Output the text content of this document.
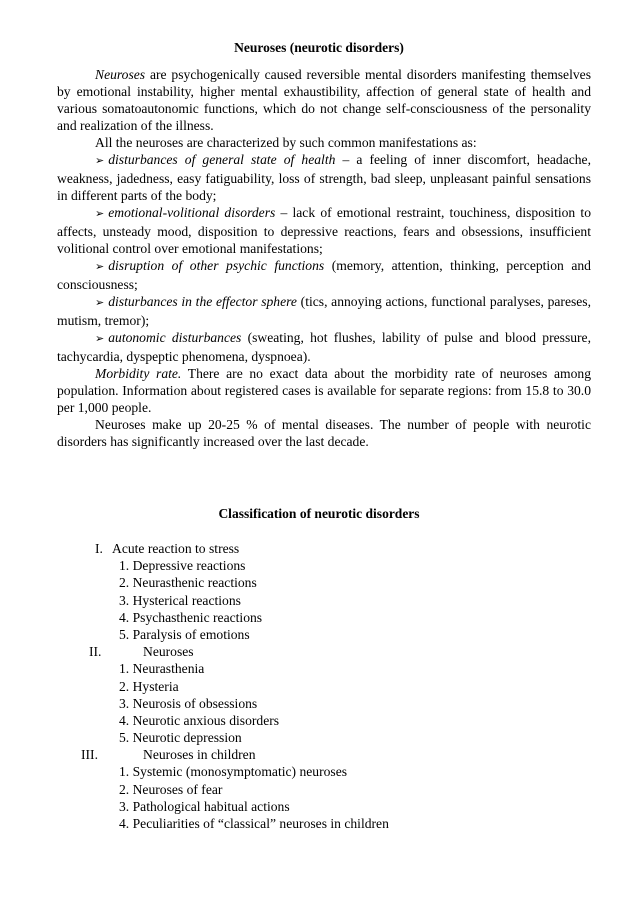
Neuroses (neurotic disorders)

Neuroses are psychogenically caused reversible mental disorders manifesting themselves by emotional instability, higher mental exhaustibility, affection of general state of health and various somatoautonomic functions, which do not change self-consciousness of the personality and realization of the illness.

All the neuroses are characterized by such common manifestations as:

➢ disturbances of general state of health – a feeling of inner discomfort, headache, weakness, jadedness, easy fatiguability, loss of strength, bad sleep, unpleasant painful sensations in different parts of the body;

➢ emotional-volitional disorders – lack of emotional restraint, touchiness, disposition to affects, unsteady mood, disposition to depressive reactions, fears and obsessions, insufficient volitional control over emotional manifestations;

➢ disruption of other psychic functions (memory, attention, thinking, perception and consciousness;

➢ disturbances in the effector sphere (tics, annoying actions, functional paralyses, pareses, mutism, tremor);

➢ autonomic disturbances (sweating, hot flushes, lability of pulse and blood pressure, tachycardia, dyspeptic phenomena, dyspnoea).

Morbidity rate. There are no exact data about the morbidity rate of neuroses among population. Information about registered cases is available for separate regions: from 15.8 to 30.0 per 1,000 people.

Neuroses make up 20-25 % of mental diseases. The number of people with neurotic disorders has significantly increased over the last decade.

Classification of neurotic disorders
I. Acute reaction to stress
1. Depressive reactions
2. Neurasthenic reactions
3. Hysterical reactions
4. Psychasthenic reactions
5. Paralysis of emotions
II.	Neuroses
1. Neurasthenia
2. Hysteria
3. Neurosis of obsessions
4. Neurotic anxious disorders
5. Neurotic depression
III.	Neuroses in children
1. Systemic (monosymptomatic) neuroses
2. Neuroses of fear
3. Pathological habitual actions
4. Peculiarities of “classical” neuroses in children
